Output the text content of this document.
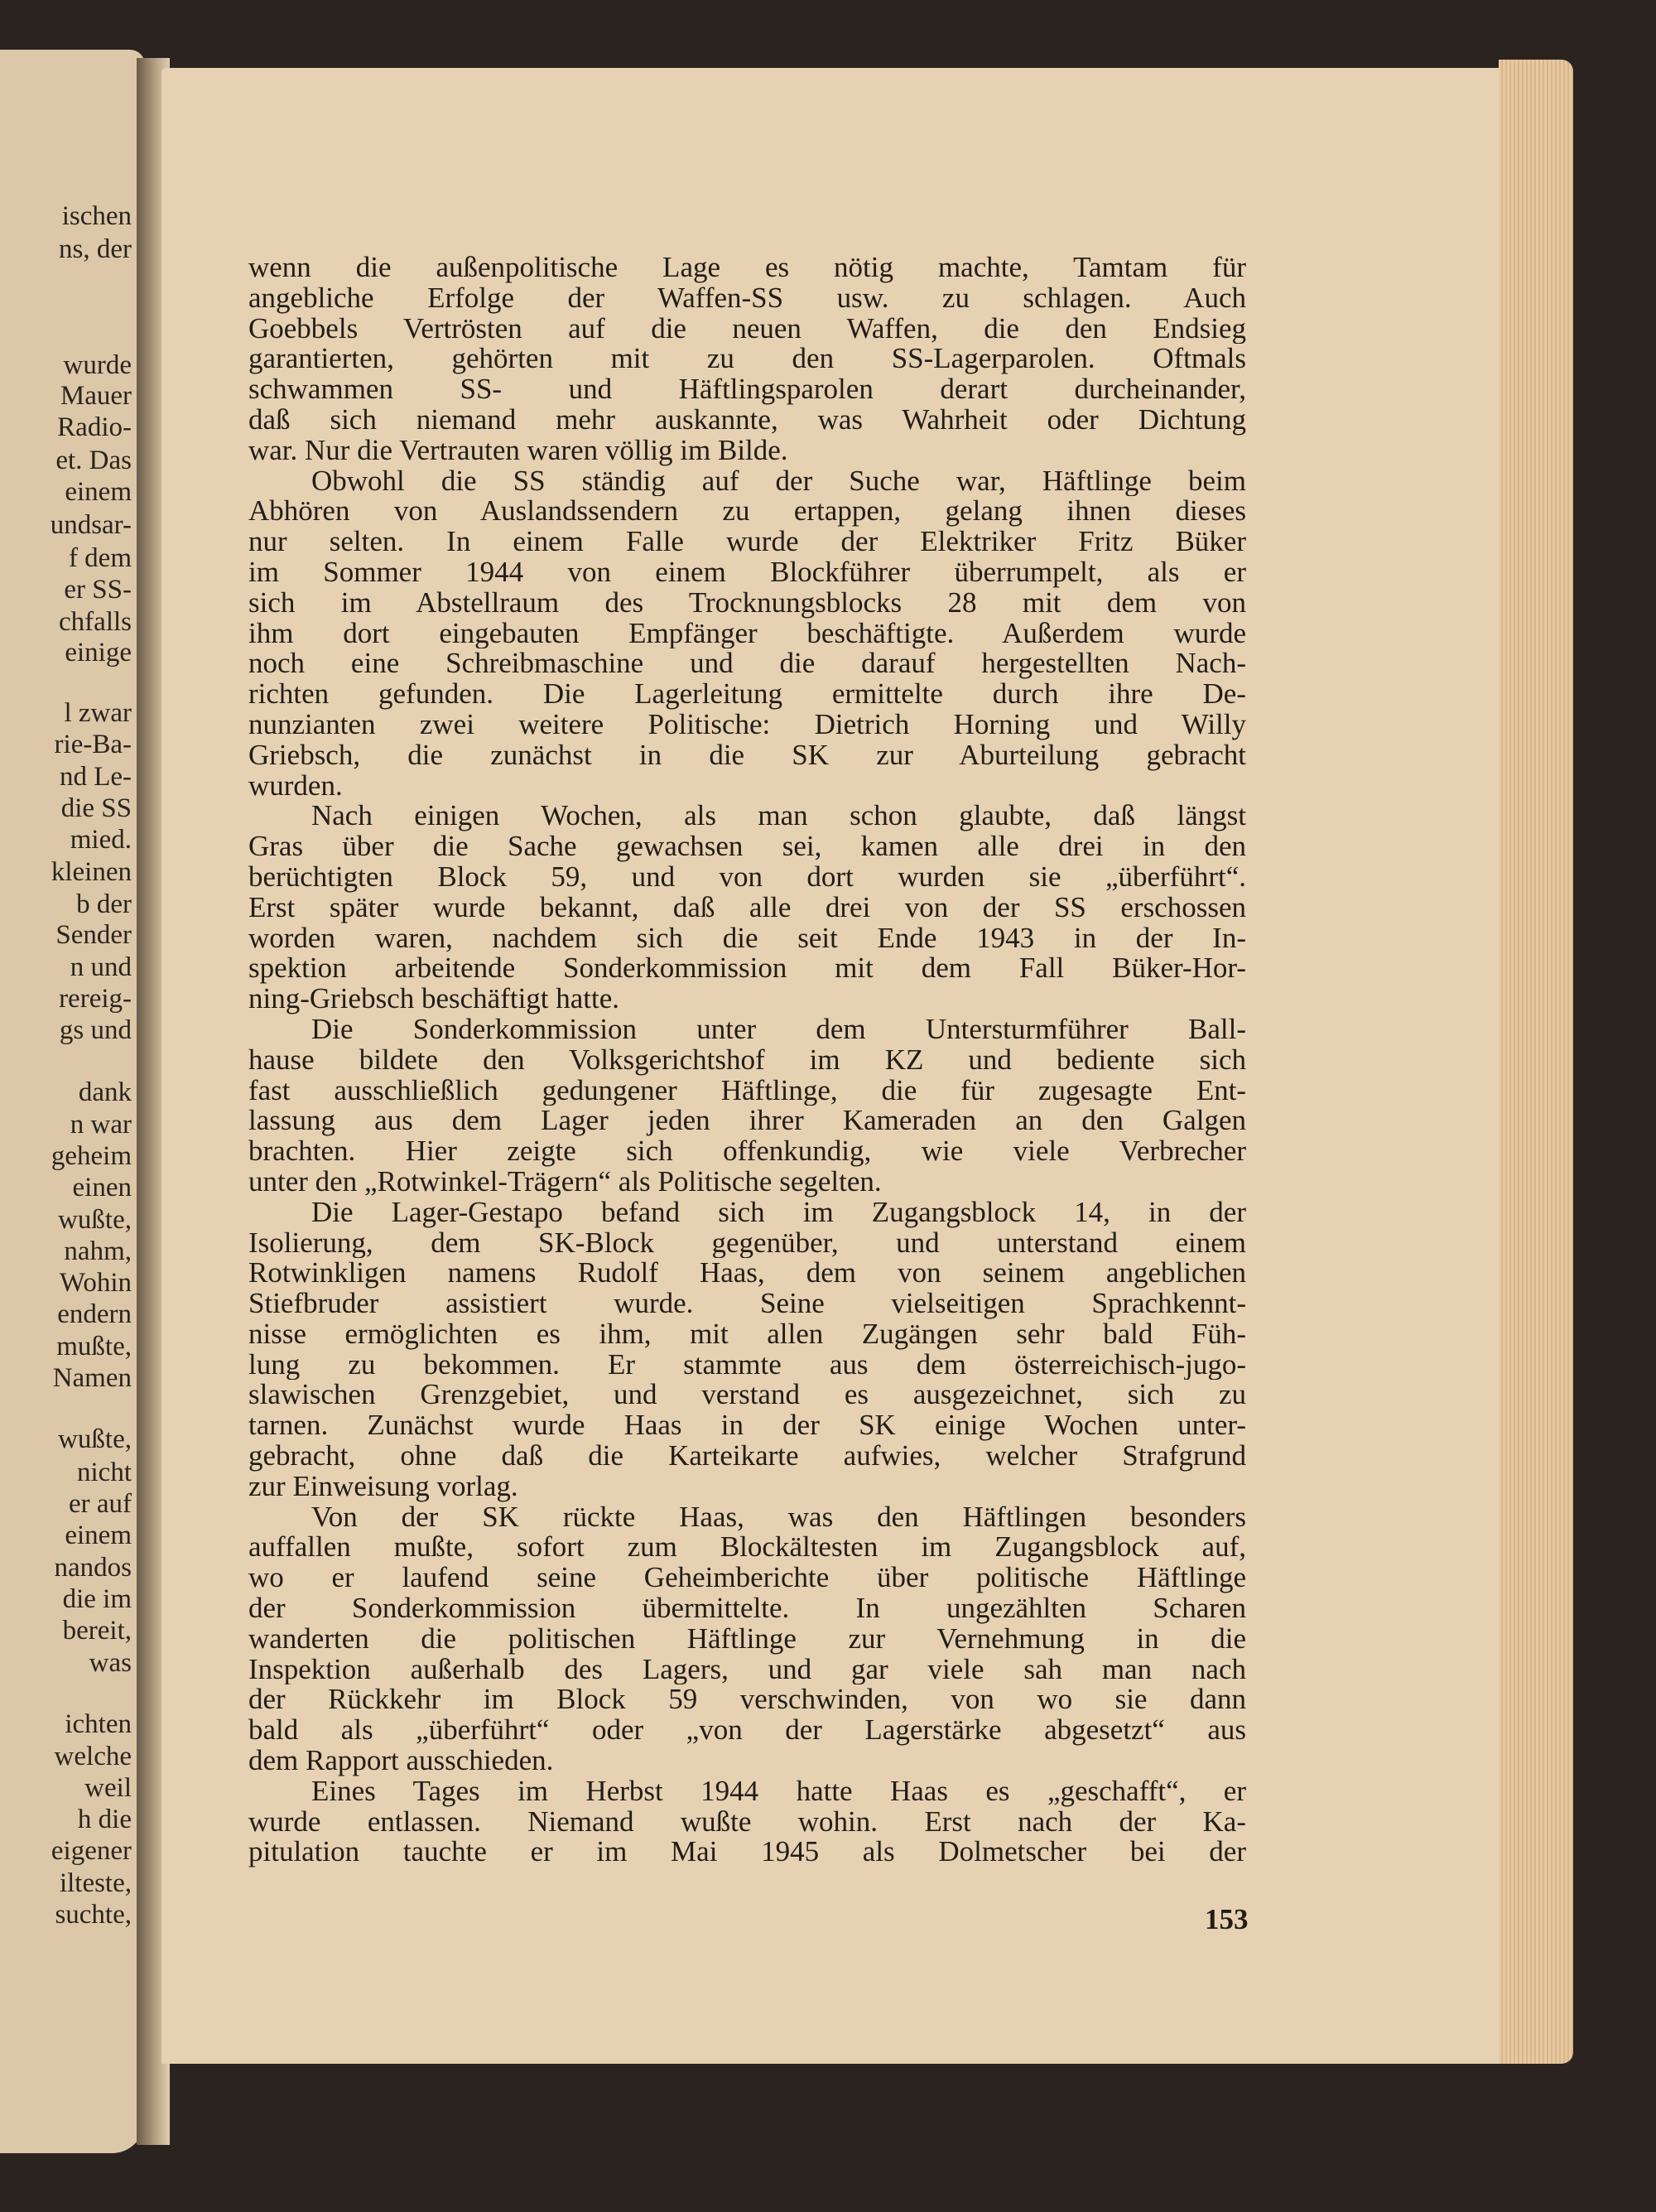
ischen
ns, der
wurde
Mauer
Radio-
et. Das
einem
undsar-
f dem
er SS-
chfalls
einige
l zwar
rie-Ba-
nd Le-
die SS
mied.
kleinen
b der
Sender
n und
rereig-
gs und
dank
n war
geheim
einen
wußte,
nahm,
Wohin
endern
mußte,
Namen
wußte,
nicht
er auf
einem
nandos
die im
bereit,
was
ichten
welche
weil
h die
eigener
ilteste,
suchte,
wenn die außenpolitische Lage es nötig machte, Tamtam für
angebliche Erfolge der Waffen-SS usw. zu schlagen. Auch
Goebbels Vertrösten auf die neuen Waffen, die den Endsieg
garantierten, gehörten mit zu den SS-Lagerparolen. Oftmals
schwammen SS- und Häftlingsparolen derart durcheinander,
daß sich niemand mehr auskannte, was Wahrheit oder Dichtung
war. Nur die Vertrauten waren völlig im Bilde.
Obwohl die SS ständig auf der Suche war, Häftlinge beim
Abhören von Auslandssendern zu ertappen, gelang ihnen dieses
nur selten. In einem Falle wurde der Elektriker Fritz Büker
im Sommer 1944 von einem Blockführer überrumpelt, als er
sich im Abstellraum des Trocknungsblocks 28 mit dem von
ihm dort eingebauten Empfänger beschäftigte. Außerdem wurde
noch eine Schreibmaschine und die darauf hergestellten Nach-
richten gefunden. Die Lagerleitung ermittelte durch ihre De-
nunzianten zwei weitere Politische: Dietrich Horning und Willy
Griebsch, die zunächst in die SK zur Aburteilung gebracht
wurden.
Nach einigen Wochen, als man schon glaubte, daß längst
Gras über die Sache gewachsen sei, kamen alle drei in den
berüchtigten Block 59, und von dort wurden sie „überführt“.
Erst später wurde bekannt, daß alle drei von der SS erschossen
worden waren, nachdem sich die seit Ende 1943 in der In-
spektion arbeitende Sonderkommission mit dem Fall Büker-Hor-
ning-Griebsch beschäftigt hatte.
Die Sonderkommission unter dem Untersturmführer Ball-
hause bildete den Volksgerichtshof im KZ und bediente sich
fast ausschließlich gedungener Häftlinge, die für zugesagte Ent-
lassung aus dem Lager jeden ihrer Kameraden an den Galgen
brachten. Hier zeigte sich offenkundig, wie viele Verbrecher
unter den „Rotwinkel-Trägern“ als Politische segelten.
Die Lager-Gestapo befand sich im Zugangsblock 14, in der
Isolierung, dem SK-Block gegenüber, und unterstand einem
Rotwinkligen namens Rudolf Haas, dem von seinem angeblichen
Stiefbruder assistiert wurde. Seine vielseitigen Sprachkennt-
nisse ermöglichten es ihm, mit allen Zugängen sehr bald Füh-
lung zu bekommen. Er stammte aus dem österreichisch-jugo-
slawischen Grenzgebiet, und verstand es ausgezeichnet, sich zu
tarnen. Zunächst wurde Haas in der SK einige Wochen unter-
gebracht, ohne daß die Karteikarte aufwies, welcher Strafgrund
zur Einweisung vorlag.
Von der SK rückte Haas, was den Häftlingen besonders
auffallen mußte, sofort zum Blockältesten im Zugangsblock auf,
wo er laufend seine Geheimberichte über politische Häftlinge
der Sonderkommission übermittelte. In ungezählten Scharen
wanderten die politischen Häftlinge zur Vernehmung in die
Inspektion außerhalb des Lagers, und gar viele sah man nach
der Rückkehr im Block 59 verschwinden, von wo sie dann
bald als „überführt“ oder „von der Lagerstärke abgesetzt“ aus
dem Rapport ausschieden.
Eines Tages im Herbst 1944 hatte Haas es „geschafft“, er
wurde entlassen. Niemand wußte wohin. Erst nach der Ka-
pitulation tauchte er im Mai 1945 als Dolmetscher bei der
153
